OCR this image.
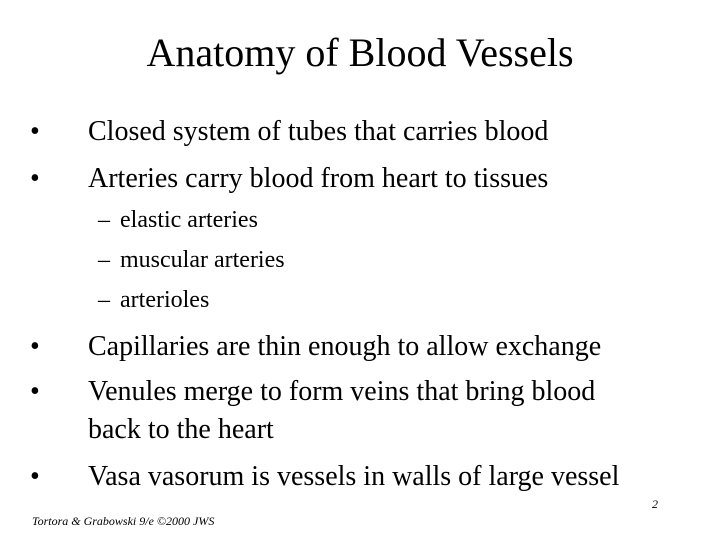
Anatomy of Blood Vessels
• Closed system of tubes that carries blood
• Arteries carry blood from heart to tissues
– elastic arteries
– muscular arteries
– arterioles
• Capillaries are thin enough to allow exchange
• Venules merge to form veins that bring blood
back to the heart
• Vasa vasorum is vessels in walls of large vessel
2
Tortora & Grabowski 9/e ©2000 JWS
